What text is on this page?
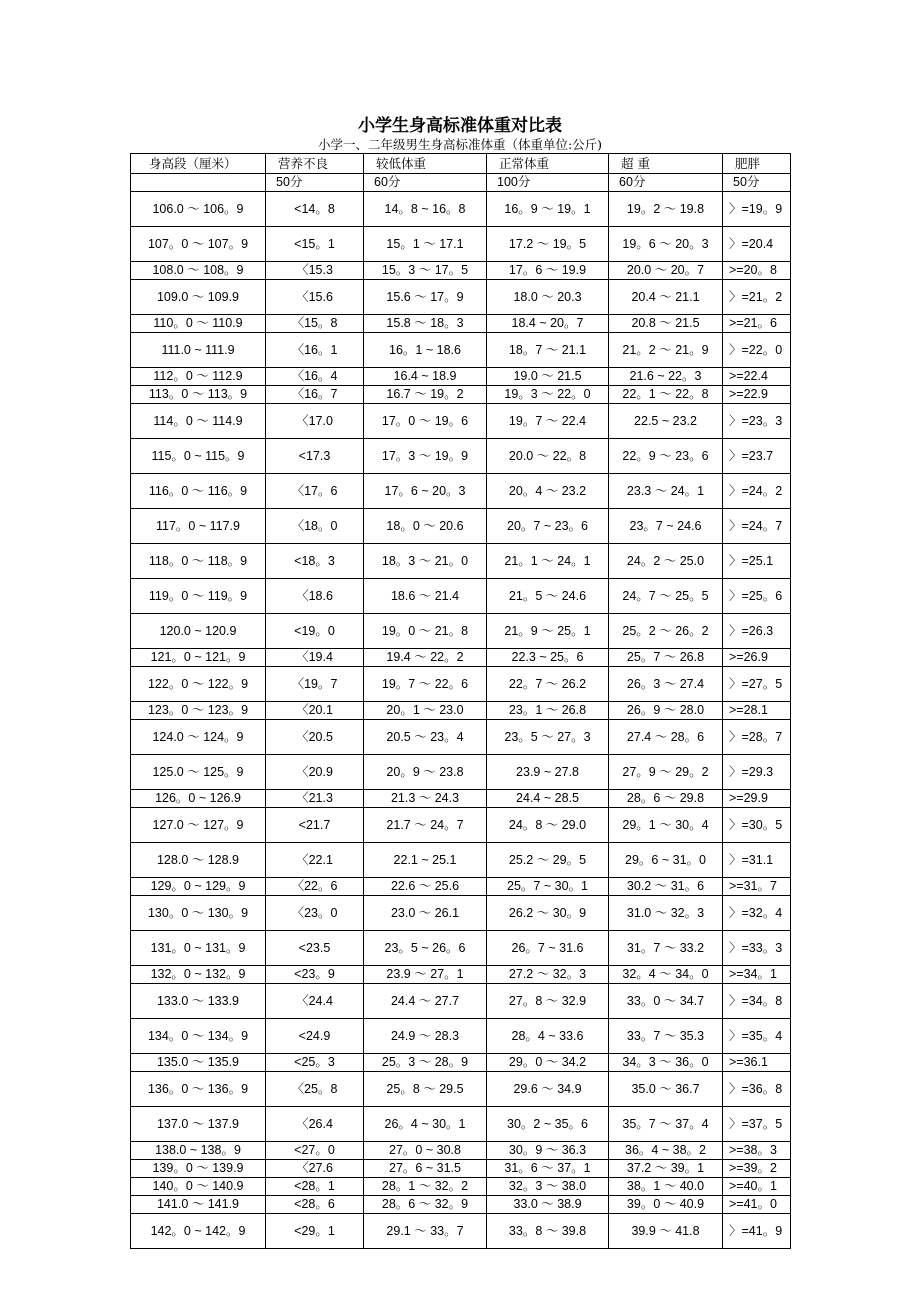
小学生身高标准体重对比表
小学一、二年级男生身高标准体重（体重单位:公斤)
身高段（厘米）	营养不良	较低体重	正常体重	超 重	肥胖
	50分	60分	100分	60分	50分
106.0 ～ 106。9	<14。8	14。8 ~ 16。8	16。9 ～ 19。1	19。2 ～ 19.8	〉=19。9
107。0 ～ 107。9	<15。1	15。1 ～ 17.1	17.2 ～ 19。5	19。6 ～ 20。3	〉=20.4
108.0 ～ 108。9	〈15.3	15。3 ～ 17。5	17。6 ～ 19.9	20.0 ～ 20。7	>=20。8
109.0 ～ 109.9	〈15.6	15.6 ～ 17。9	18.0 ～ 20.3	20.4 ～ 21.1	〉=21。2
110。0 ～ 110.9	〈15。8	15.8 ～ 18。3	18.4 ~ 20。7	20.8 ～ 21.5	>=21。6
111.0 ~ 111.9	〈16。1	16。1 ~ 18.6	18。7 ～ 21.1	21。2 ～ 21。9	〉=22。0
112。0 ～ 112.9	〈16。4	16.4 ~ 18.9	19.0 ～ 21.5	21.6 ~ 22。3	>=22.4
113。0 ～ 113。9	〈16。7	16.7 ～ 19。2	19。3 ～ 22。0	22。1 ～ 22。8	>=22.9
114。0 ～ 114.9	〈17.0	17。0 ～ 19。6	19。7 ～ 22.4	22.5 ~ 23.2	〉=23。3
115。0 ~ 115。9	<17.3	17。3 ～ 19。9	20.0 ～ 22。8	22。9 ～ 23。6	〉=23.7
116。0 ～ 116。9	〈17。6	17。6 ~ 20。3	20。4 ～ 23.2	23.3 ～ 24。1	〉=24。2
117。0 ~ 117.9	〈18。0	18。0 ～ 20.6	20。7 ~ 23。6	23。7 ~ 24.6	〉=24。7
118。0 ～ 118。9	<18。3	18。3 ～ 21。0	21。1 ～ 24。1	24。2 ～ 25.0	〉=25.1
119。0 ～ 119。9	〈18.6	18.6 ～ 21.4	21。5 ～ 24.6	24。7 ～ 25。5	〉=25。6
120.0 ~ 120.9	<19。0	19。0 ～ 21。8	21。9 ～ 25。1	25。2 ～ 26。2	〉=26.3
121。0 ~ 121。9	〈19.4	19.4 ～ 22。2	22.3 ~ 25。6	25。7 ～ 26.8	>=26.9
122。0 ～ 122。9	〈19。7	19。7 ～ 22。6	22。7 ～ 26.2	26。3 ～ 27.4	〉=27。5
123。0 ～ 123。9	〈20.1	20。1 ～ 23.0	23。1 ～ 26.8	26。9 ～ 28.0	>=28.1
124.0 ～ 124。9	〈20.5	20.5 ～ 23。4	23。5 ～ 27。3	27.4 ～ 28。6	〉=28。7
125.0 ～ 125。9	〈20.9	20。9 ～ 23.8	23.9 ~ 27.8	27。9 ～ 29。2	〉=29.3
126。0 ~ 126.9	〈21.3	21.3 ～ 24.3	24.4 ~ 28.5	28。6 ～ 29.8	>=29.9
127.0 ～ 127。9	<21.7	21.7 ～ 24。7	24。8 ～ 29.0	29。1 ～ 30。4	〉=30。5
128.0 ～ 128.9	〈22.1	22.1 ~ 25.1	25.2 ～ 29。5	29。6 ~ 31。0	〉=31.1
129。0 ~ 129。9	〈22。6	22.6 ～ 25.6	25。7 ~ 30。1	30.2 ～ 31。6	>=31。7
130。0 ～ 130。9	〈23。0	23.0 ～ 26.1	26.2 ～ 30。9	31.0 ～ 32。3	〉=32。4
131。0 ~ 131。9	<23.5	23。5 ~ 26。6	26。7 ~ 31.6	31。7 ～ 33.2	〉=33。3
132。0 ~ 132。9	<23。9	23.9 ～ 27。1	27.2 ～ 32。3	32。4 ～ 34。0	>=34。1
133.0 ～ 133.9	〈24.4	24.4 ～ 27.7	27。8 ～ 32.9	33。0 ～ 34.7	〉=34。8
134。0 ～ 134。9	<24.9	24.9 ～ 28.3	28。4 ~ 33.6	33。7 ～ 35.3	〉=35。4
135.0 ～ 135.9	<25。3	25。3 ～ 28。9	29。0 ～ 34.2	34。3 ～ 36。0	>=36.1
136。0 ～ 136。9	〈25。8	25。8 ～ 29.5	29.6 ～ 34.9	35.0 ～ 36.7	〉=36。8
137.0 ～ 137.9	〈26.4	26。4 ~ 30。1	30。2 ~ 35。6	35。7 ～ 37。4	〉=37。5
138.0 ~ 138。9	<27。0	27。0 ~ 30.8	30。9 ～ 36.3	36。4 ~ 38。2	>=38。3
139。0 ～ 139.9	〈27.6	27。6 ~ 31.5	31。6 ～ 37。1	37.2 ～ 39。1	>=39。2
140。0 ～ 140.9	<28。1	28。1 ～ 32。2	32。3 ～ 38.0	38。1 ～ 40.0	>=40。1
141.0 ～ 141.9	<28。6	28。6 ～ 32。9	33.0 ～ 38.9	39。0 ～ 40.9	>=41。0
142。0 ~ 142。9	<29。1	29.1 ～ 33。7	33。8 ～ 39.8	39.9 ～ 41.8	〉=41。9
